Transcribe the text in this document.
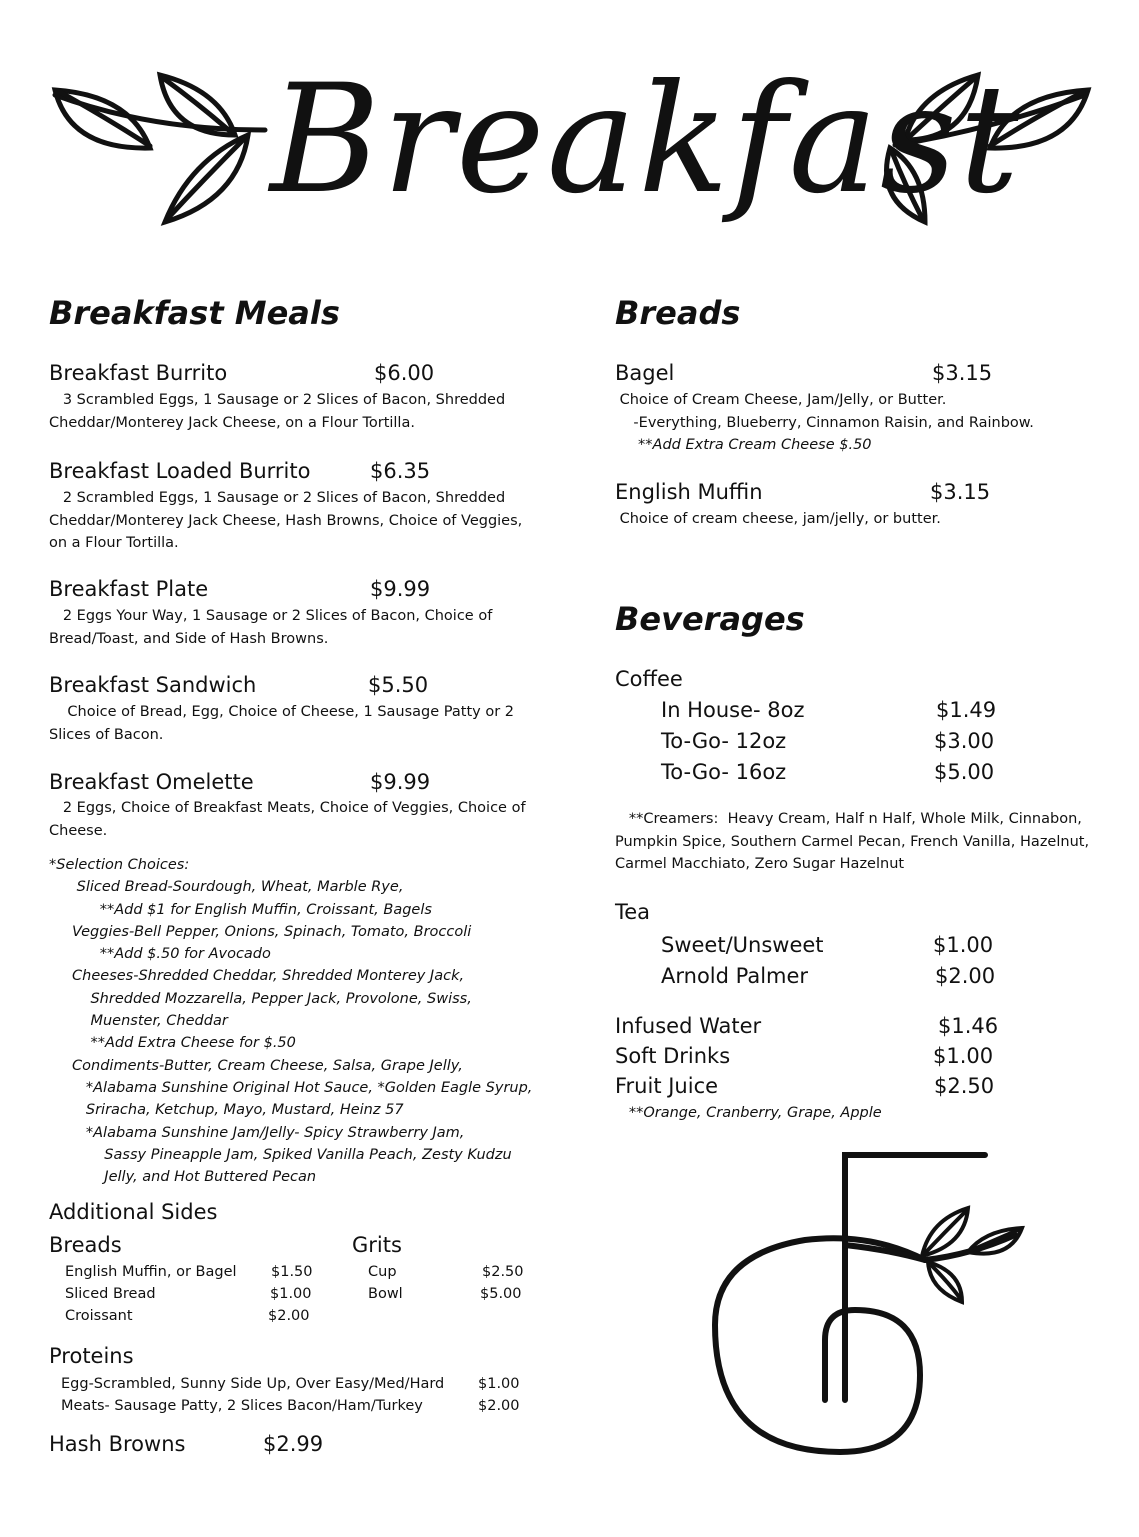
Breakfast
Breakfast Meals
Breakfast Burrito	$6.00
3 Scrambled Eggs, 1 Sausage or 2 Slices of Bacon, Shredded
Cheddar/Monterey Jack Cheese, on a Flour Tortilla.
Breakfast Loaded Burrito	$6.35
2 Scrambled Eggs, 1 Sausage or 2 Slices of Bacon, Shredded
Cheddar/Monterey Jack Cheese, Hash Browns, Choice of Veggies,
on a Flour Tortilla.
Breakfast Plate	$9.99
2 Eggs Your Way, 1 Sausage or 2 Slices of Bacon, Choice of
Bread/Toast, and Side of Hash Browns.
Breakfast Sandwich	$5.50
Choice of Bread, Egg, Choice of Cheese, 1 Sausage Patty or 2
Slices of Bacon.
Breakfast Omelette	$9.99
2 Eggs, Choice of Breakfast Meats, Choice of Veggies, Choice of
Cheese.
*Selection Choices:
Sliced Bread-Sourdough, Wheat, Marble Rye,
**Add $1 for English Muffin, Croissant, Bagels
Veggies-Bell Pepper, Onions, Spinach, Tomato, Broccoli
**Add $.50 for Avocado
Cheeses-Shredded Cheddar, Shredded Monterey Jack,
Shredded Mozzarella, Pepper Jack, Provolone, Swiss,
Muenster, Cheddar
**Add Extra Cheese for $.50
Condiments-Butter, Cream Cheese, Salsa, Grape Jelly,
*Alabama Sunshine Original Hot Sauce, *Golden Eagle Syrup,
Sriracha, Ketchup, Mayo, Mustard, Heinz 57
*Alabama Sunshine Jam/Jelly- Spicy Strawberry Jam,
Sassy Pineapple Jam, Spiked Vanilla Peach, Zesty Kudzu
Jelly, and Hot Buttered Pecan
Additional Sides
Breads	Grits
English Muffin, or Bagel $1.50
Sliced Bread	$1.00
Croissant	$2.00
Cup	$2.50
Bowl	$5.00
Proteins
Egg-Scrambled, Sunny Side Up, Over Easy/Med/Hard $1.00
Meats- Sausage Patty, 2 Slices Bacon/Ham/Turkey	$2.00
Hash Browns	$2.99
Breads
Bagel	$3.15
Choice of Cream Cheese, Jam/Jelly, or Butter.
-Everything, Blueberry, Cinnamon Raisin, and Rainbow.
**Add Extra Cream Cheese $.50
English Muffin	$3.15
Choice of cream cheese, jam/jelly, or butter.
Beverages
Coffee
In House- 8oz	$1.49
To-Go- 12oz	$3.00
To-Go- 16oz	$5.00
**Creamers:  Heavy Cream, Half n Half, Whole Milk, Cinnabon,
Pumpkin Spice, Southern Carmel Pecan, French Vanilla, Hazelnut,
Carmel Macchiato, Zero Sugar Hazelnut
Tea
Sweet/Unsweet	$1.00
Arnold Palmer	$2.00
Infused Water	$1.46
Soft Drinks	$1.00
Fruit Juice	$2.50
**Orange, Cranberry, Grape, Apple
